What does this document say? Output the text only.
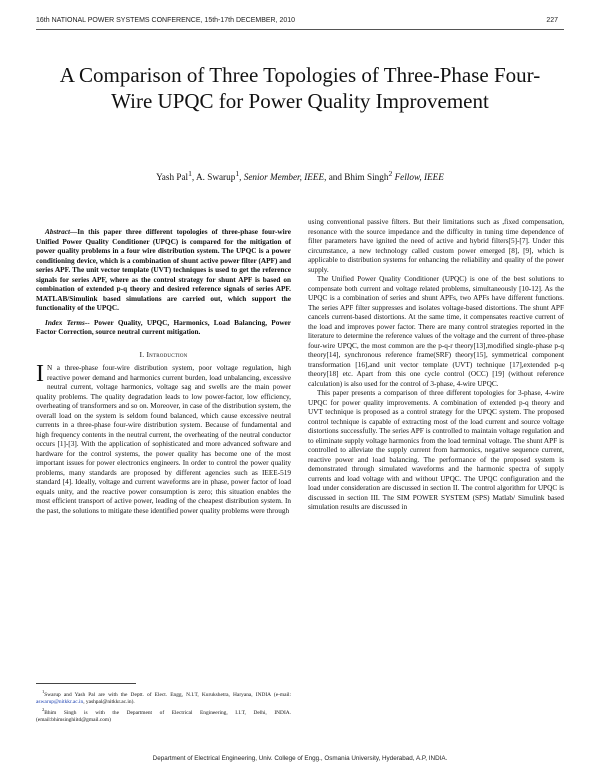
16th NATIONAL POWER SYSTEMS CONFERENCE, 15th-17th DECEMBER, 2010	227
A Comparison of Three Topologies of Three-Phase Four-Wire UPQC for Power Quality Improvement
Yash Pal$^1$, A. Swarup$^1$, Senior Member, IEEE, and Bhim Singh$^2$ Fellow, IEEE

Abstract—In this paper three different topologies of three-phase four-wire Unified Power Quality Conditioner (UPQC) is compared for the mitigation of power quality problems in a four wire distribution system. The UPQC is a power conditioning device, which is a combination of shunt active power filter (APF) and series APF. The unit vector template (UVT) techniques is used to get the reference signals for series APF, where as the control strategy for shunt APF is based on combination of extended p-q theory and desired reference signals of series APF. MATLAB/Simulink based simulations are carried out, which support the functionality of the UPQC.

Index Terms-- Power Quality, UPQC, Harmonics, Load Balancing, Power Factor Correction, source neutral current mitigation.

I. Introduction

I N a three-phase four-wire distribution system, poor voltage regulation, high reactive power demand and harmonics current burden, load unbalancing, excessive neutral current, voltage harmonics, voltage sag and swells are the main power quality problems. The quality degradation leads to low power-factor, low efficiency, overheating of transformers and so on. Moreover, in case of the distribution system, the overall load on the system is seldom found balanced, which cause excessive neutral currents in a three-phase four-wire distribution system. Because of fundamental and high frequency contents in the neutral current, the overheating of the neutral conductor occurs [1]-[3]. With the application of sophisticated and more advanced software and hardware for the control systems, the power quality has become one of the most important issues for power electronics engineers. In order to control the power quality problems, many standards are proposed by different agencies such as IEEE-519 standard [4]. Ideally, voltage and current waveforms are in phase, power factor of load equals unity, and the reactive power consumption is zero; this situation enables the most efficient transport of active power, leading of the cheapest distribution system. In the past, the solutions to mitigate these identified power quality problems were through

$^1$Swarup and Yash Pal are with the Deptt. of Elect. Engg, N.I.T, Kurukshetra, Haryana, INDIA (e-mail: aswarup@nitkkr.ac.in, yashpal@nitkkr.ac.in).

$^2$Bhim Singh is with the Department of Electrical Engineering, I.I.T, Delhi, INDIA. (email:bhimsinghiitd@gmail.com)

using conventional passive filters. But their limitations such as ,fixed compensation, resonance with the source impedance and the difficulty in tuning time dependence of filter parameters have ignited the need of active and hybrid filters[5]-[7]. Under this circumstance, a new technology called custom power emerged [8], [9], which is applicable to distribution systems for enhancing the reliability and quality of the power supply.

The Unified Power Quality Conditioner (UPQC) is one of the best solutions to compensate both current and voltage related problems, simultaneously [10-12]. As the UPQC is a combination of series and shunt APFs, two APFs have different functions. The series APF filter suppresses and isolates voltage-based distortions. The shunt APF cancels current-based distortions. At the same time, it compensates reactive current of the load and improves power factor. There are many control strategies reported in the literature to determine the reference values of the voltage and the current of three-phase four-wire UPQC, the most common are the p-q-r theory[13],modified single-phase p-q theory[14], synchronous reference frame(SRF) theory[15], symmetrical component transformation [16],and unit vector template (UVT) technique [17],extended p-q theory[18] etc. Apart from this one cycle control (OCC) [19] (without reference calculation) is also used for the control of 3-phase, 4-wire UPQC.

This paper presents a comparison of three different topologies for 3-phase, 4-wire UPQC for power quality improvements. A combination of extended p-q theory and UVT technique is proposed as a control strategy for the UPQC system. The proposed control technique is capable of extracting most of the load current and source voltage distortions successfully. The series APF is controlled to maintain voltage regulation and to eliminate supply voltage harmonics from the load terminal voltage. The shunt APF is controlled to alleviate the supply current from harmonics, negative sequence current, reactive power and load balancing. The performance of the proposed system is demonstrated through simulated waveforms and the harmonic spectra of supply currents and load voltage with and without UPQC. The UPQC configuration and the load under consideration are discussed in section II. The control algorithm for UPQC is discussed in section III. The SIM POWER SYSTEM (SPS) Matlab/ Simulink based simulation results are discussed in

Department of Electrical Engineering, Univ. College of Engg., Osmania University, Hyderabad, A.P, INDIA.
